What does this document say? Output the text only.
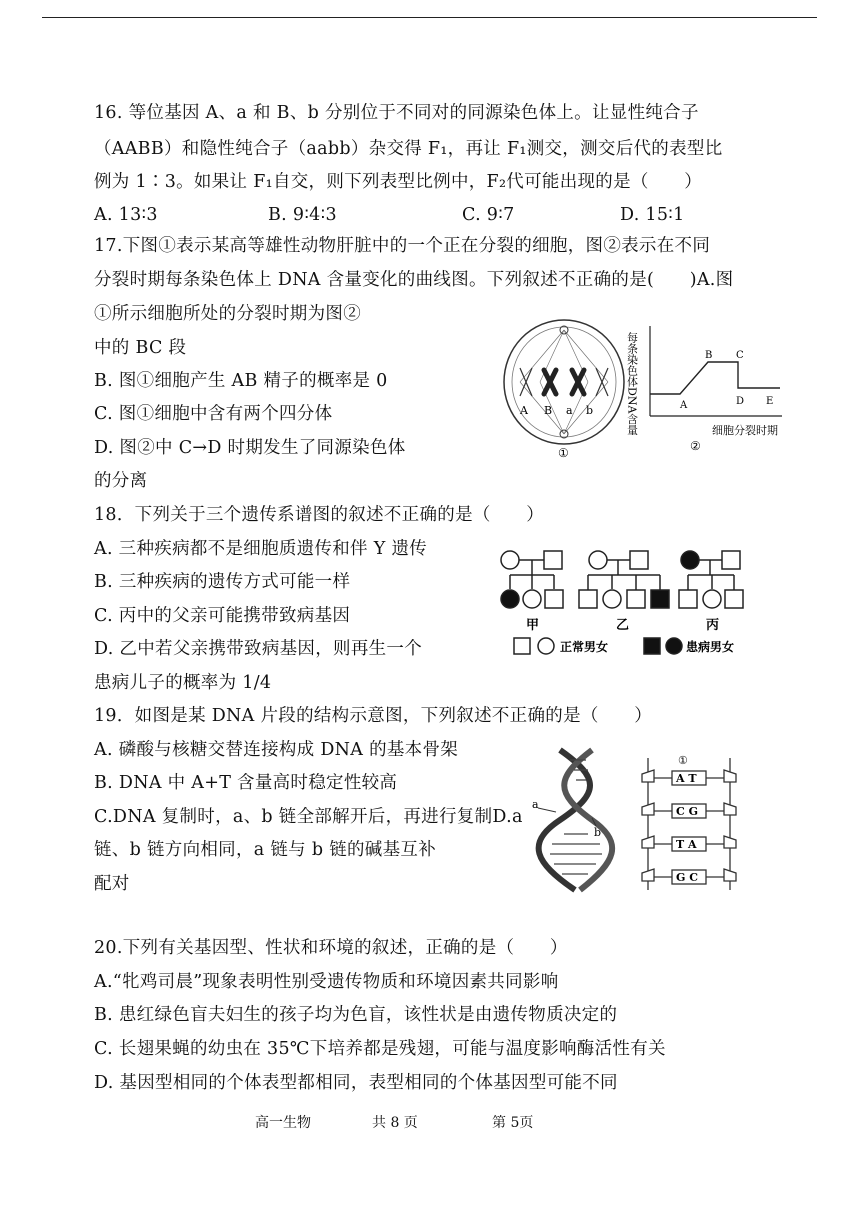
16. 等位基因 A、a 和 B、b 分别位于不同对的同源染色体上。让显性纯合子
（AABB）和隐性纯合子（aabb）杂交得 F₁，再让 F₁测交，测交后代的表型比
例为 1∶3。如果让 F₁自交，则下列表型比例中，F₂代可能出现的是（　　）
A. 13∶3	B. 9∶4∶3	C. 9∶7	D. 15∶1
17.下图①表示某高等雄性动物肝脏中的一个正在分裂的细胞，图②表示在不同
分裂时期每条染色体上 DNA 含量变化的曲线图。下列叙述不正确的是(　　)A.图
①所示细胞所处的分裂时期为图②
中的 BC 段
B. 图①细胞产生 AB 精子的概率是 0
C. 图①细胞中含有两个四分体
D. 图②中 C→D 时期发生了同源染色体
的分离
A B a b
①
每条染色体DNA含量	A
B C
D E
细胞分裂时期
②
18．下列关于三个遗传系谱图的叙述不正确的是（　　）
A. 三种疾病都不是细胞质遗传和伴 Y 遗传
B. 三种疾病的遗传方式可能一样
C. 丙中的父亲可能携带致病基因
D. 乙中若父亲携带致病基因，则再生一个
患病儿子的概率为 1/4
甲	乙	丙
正常男女	患病男女
19．如图是某 DNA 片段的结构示意图，下列叙述不正确的是（　　）
A. 磷酸与核糖交替连接构成 DNA 的基本骨架
B. DNA 中 A+T 含量高时稳定性较高
C.DNA 复制时，a、b 链全部解开后，再进行复制D.a
链、b 链方向相同，a 链与 b 链的碱基互补
配对
a
b
①
A T
C G
T A
G C
20.下列有关基因型、性状和环境的叙述，正确的是（　　）
A.“牝鸡司晨”现象表明性别受遗传物质和环境因素共同影响
B. 患红绿色盲夫妇生的孩子均为色盲，该性状是由遗传物质决定的
C. 长翅果蝇的幼虫在 35℃下培养都是残翅，可能与温度影响酶活性有关
D. 基因型相同的个体表型都相同，表型相同的个体基因型可能不同
高一生物	共 8 页	第 5页
